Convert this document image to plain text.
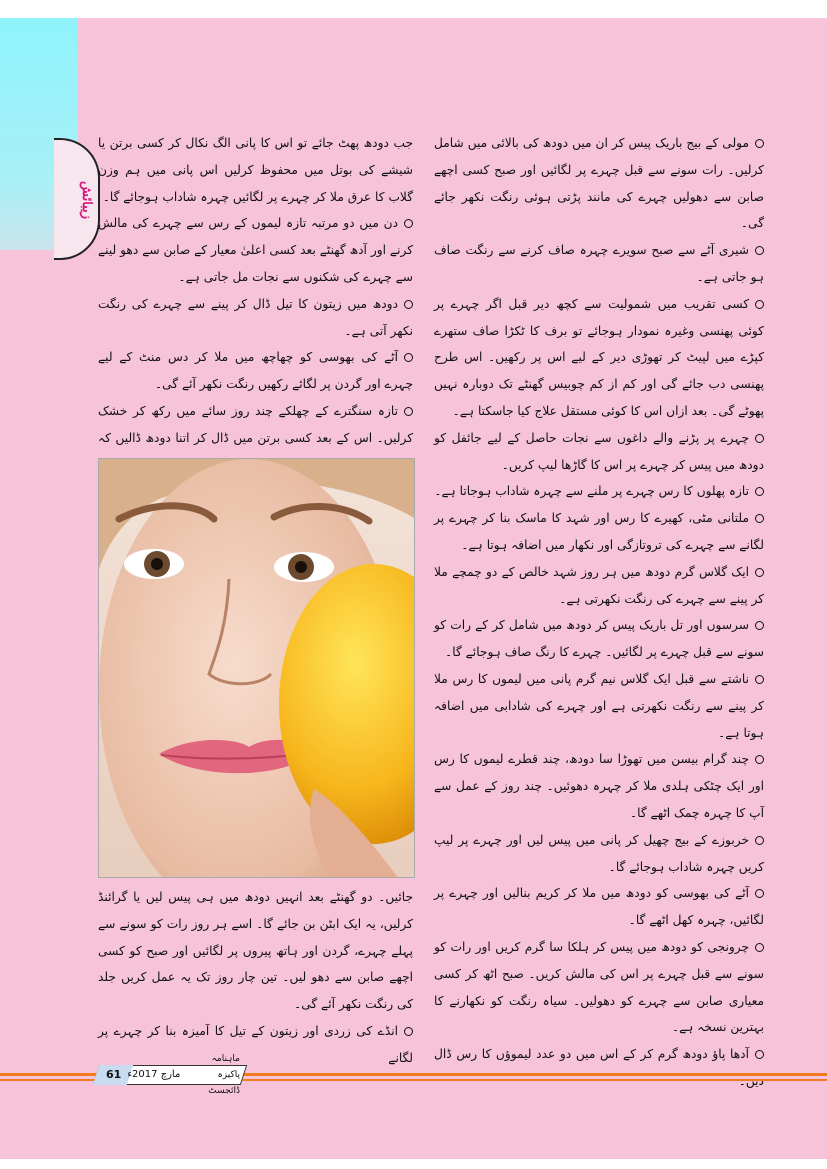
زیبائش

مولی کے بیج باریک پیس کر ان میں دودھ کی بالائی میں شامل کرلیں۔ رات سونے سے قبل چہرے پر لگائیں اور صبح کسی اچھے صابن سے دھولیں چہرے کی مانند پڑتی ہوئی رنگت نکھر جائے گی۔

شیری آٹے سے صبح سویرے چہرہ صاف کرنے سے رنگت صاف ہو جاتی ہے۔

کسی تقریب میں شمولیت سے کچھ دیر قبل اگر چہرے پر کوئی پھنسی وغیرہ نمودار ہوجائے تو برف کا ٹکڑا صاف ستھرے کپڑے میں لپیٹ کر تھوڑی دیر کے لیے اس پر رکھیں۔ اس طرح پھنسی دب جائے گی اور کم از کم چوبیس گھنٹے تک دوبارہ نہیں پھوٹے گی۔ بعد ازاں اس کا کوئی مستقل علاج کیا جاسکتا ہے۔

چہرے پر پڑنے والے داغوں سے نجات حاصل کے لیے جائفل کو دودھ میں پیس کر چہرے پر اس کا گاڑھا لیپ کریں۔

تازہ پھلوں کا رس چہرے پر ملنے سے چہرہ شاداب ہوجاتا ہے۔

ملتانی مٹی، کھیرے کا رس اور شہد کا ماسک بنا کر چہرے پر لگانے سے چہرے کی تروتازگی اور نکھار میں اضافہ ہوتا ہے۔

ایک گلاس گرم دودھ میں ہر روز شہد خالص کے دو چمچے ملا کر پینے سے چہرے کی رنگت نکھرتی ہے۔

سرسوں اور تل باریک پیس کر دودھ میں شامل کر کے رات کو سونے سے قبل چہرے پر لگائیں۔ چہرے کا رنگ صاف ہوجائے گا۔

ناشتے سے قبل ایک گلاس نیم گرم پانی میں لیموں کا رس ملا کر پینے سے رنگت نکھرتی ہے اور چہرے کی شادابی میں اضافہ ہوتا ہے۔

چند گرام بیسن میں تھوڑا سا دودھ، چند قطرے لیموں کا رس اور ایک چٹکی ہلدی ملا کر چہرہ دھوئیں۔ چند روز کے عمل سے آپ کا چہرہ چمک اٹھے گا۔

خربوزے کے بیج چھیل کر پانی میں پیس لیں اور چہرے پر لیپ کریں چہرہ شاداب ہوجائے گا۔

آٹے کی بھوسی کو دودھ میں ملا کر کریم بنالیں اور چہرے پر لگائیں، چہرہ کھل اٹھے گا۔

چرونجی کو دودھ میں پیس کر ہلکا سا گرم کریں اور رات کو سونے سے قبل چہرے پر اس کی مالش کریں۔ صبح اٹھ کر کسی معیاری صابن سے چہرے کو دھولیں۔ سیاہ رنگت کو نکھارنے کا بہترین نسخہ ہے۔

آدھا پاؤ دودھ گرم کر کے اس میں دو عدد لیموؤں کا رس ڈال

جب دودھ پھٹ جائے تو اس کا پانی الگ نکال کر کسی برتن یا شیشے کی بوتل میں محفوظ کرلیں اس پانی میں ہم وزن گلاب کا عرق ملا کر چہرے پر لگائیں چہرہ شاداب ہوجائے گا۔

دن میں دو مرتبہ تازہ لیموں کے رس سے چہرے کی مالش کرنے اور آدھ گھنٹے بعد کسی اعلیٰ معیار کے صابن سے دھو لینے سے چہرے کی شکنوں سے نجات مل جاتی ہے۔

دودھ میں زیتون کا تیل ڈال کر پینے سے چہرے کی رنگت نکھر آتی ہے۔

آٹے کی بھوسی کو چھاچھ میں ملا کر دس منٹ کے لیے چہرے اور گردن پر لگائے رکھیں رنگت نکھر آئے گی۔

تازہ سنگترے کے چھلکے چند روز سائے میں رکھ کر خشک کرلیں۔ اس کے بعد کسی برتن میں ڈال کر اتنا دودھ ڈالیں کہ

جائیں۔ دو گھنٹے بعد انہیں دودھ میں ہی پیس لیں یا گرائنڈ کرلیں، یہ ایک ابٹن بن جائے گا۔ اسے ہر روز رات کو سونے سے پہلے چہرے، گردن اور ہاتھ پیروں پر لگائیں اور صبح کو کسی اچھے صابن سے دھو لیں۔ تین چار روز تک یہ عمل کریں جلد کی رنگت نکھر آئے گی۔

انڈے کی زردی اور زیتون کے تیل کا آمیزہ بنا کر چہرے پر لگانے

61 مارچ 2017ء
ماہنامہ پاکیزہ ڈائجسٹ
